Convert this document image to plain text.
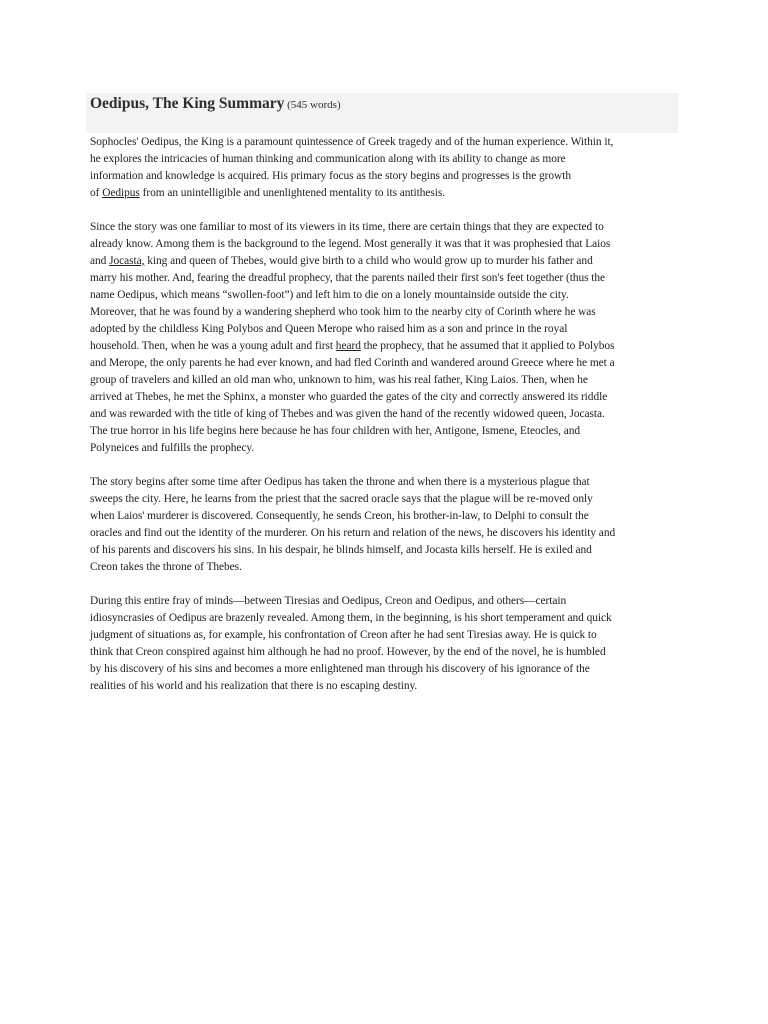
Oedipus, The King Summary (545 words)

Sophocles' Oedipus, the King is a paramount quintessence of Greek tragedy and of the human experience. Within it,
he explores the intricacies of human thinking and communication along with its ability to change as more
information and knowledge is acquired. His primary focus as the story begins and progresses is the growth
of Oedipus from an unintelligible and unenlightened mentality to its antithesis.

Since the story was one familiar to most of its viewers in its time, there are certain things that they are expected to
already know. Among them is the background to the legend. Most generally it was that it was prophesied that Laios
and Jocasta, king and queen of Thebes, would give birth to a child who would grow up to murder his father and
marry his mother. And, fearing the dreadful prophecy, that the parents nailed their first son's feet together (thus the
name Oedipus, which means “swollen-foot”) and left him to die on a lonely mountainside outside the city.
Moreover, that he was found by a wandering shepherd who took him to the nearby city of Corinth where he was
adopted by the childless King Polybos and Queen Merope who raised him as a son and prince in the royal
household. Then, when he was a young adult and first heard the prophecy, that he assumed that it applied to Polybos
and Merope, the only parents he had ever known, and had fled Corinth and wandered around Greece where he met a
group of travelers and killed an old man who, unknown to him, was his real father, King Laios. Then, when he
arrived at Thebes, he met the Sphinx, a monster who guarded the gates of the city and correctly answered its riddle
and was rewarded with the title of king of Thebes and was given the hand of the recently widowed queen, Jocasta.
The true horror in his life begins here because he has four children with her, Antigone, Ismene, Eteocles, and
Polyneices and fulfills the prophecy.

The story begins after some time after Oedipus has taken the throne and when there is a mysterious plague that
sweeps the city. Here, he learns from the priest that the sacred oracle says that the plague will be re-moved only
when Laios' murderer is discovered. Consequently, he sends Creon, his brother-in-law, to Delphi to consult the
oracles and find out the identity of the murderer. On his return and relation of the news, he discovers his identity and
of his parents and discovers his sins. In his despair, he blinds himself, and Jocasta kills herself. He is exiled and
Creon takes the throne of Thebes.

During this entire fray of minds—between Tiresias and Oedipus, Creon and Oedipus, and others—certain
idiosyncrasies of Oedipus are brazenly revealed. Among them, in the beginning, is his short temperament and quick
judgment of situations as, for example, his confrontation of Creon after he had sent Tiresias away. He is quick to
think that Creon conspired against him although he had no proof. However, by the end of the novel, he is humbled
by his discovery of his sins and becomes a more enlightened man through his discovery of his ignorance of the
realities of his world and his realization that there is no escaping destiny.
